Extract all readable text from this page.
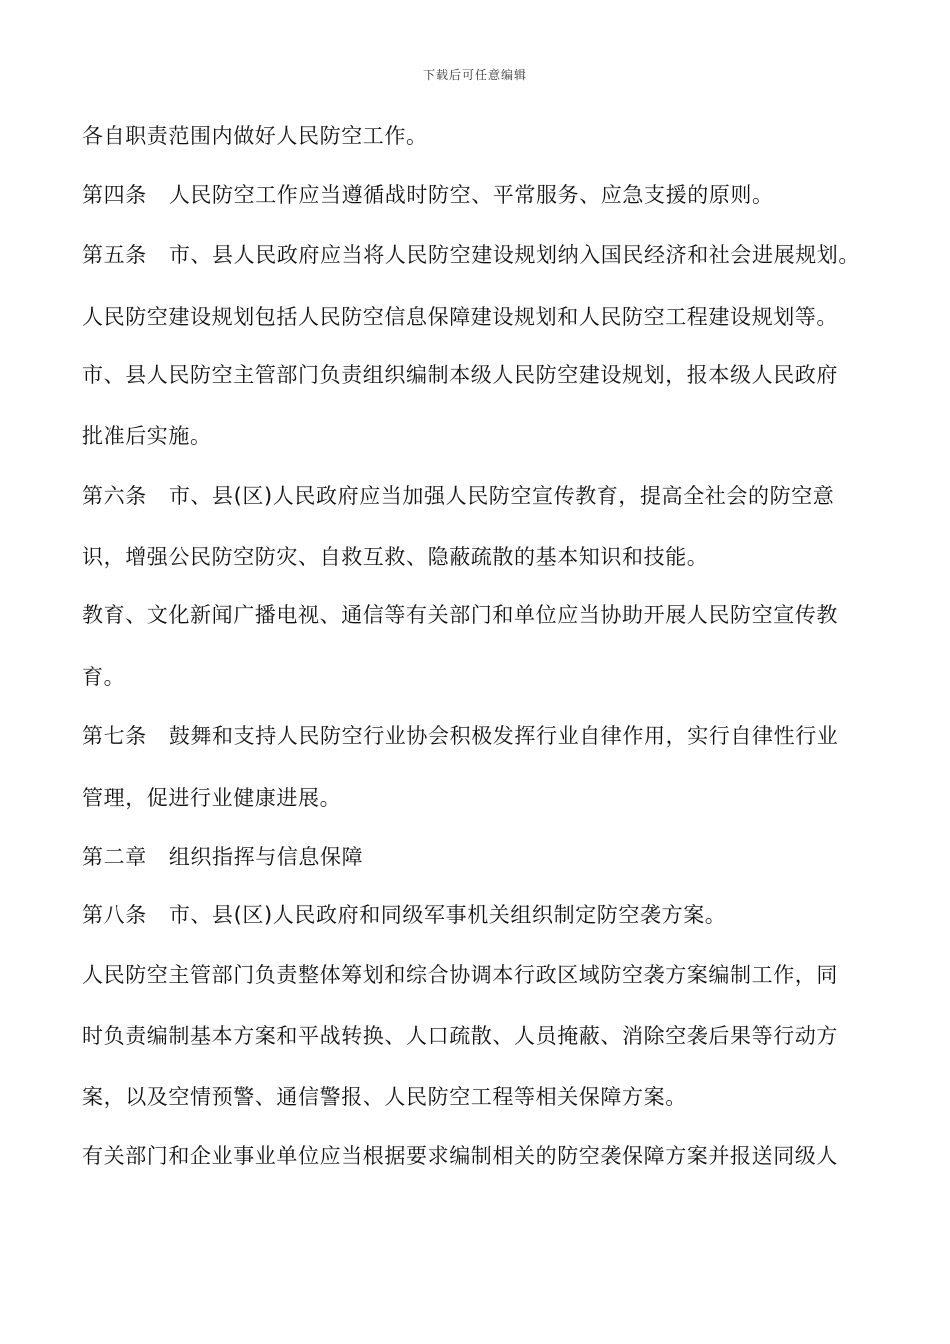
下载后可任意编辑
各自职责范围内做好人民防空工作。
第四条 人民防空工作应当遵循战时防空、平常服务、应急支援的原则。
第五条 市、县人民政府应当将人民防空建设规划纳入国民经济和社会进展规划。
人民防空建设规划包括人民防空信息保障建设规划和人民防空工程建设规划等。
市、县人民防空主管部门负责组织编制本级人民防空建设规划，报本级人民政府
批准后实施。
第六条 市、县(区)人民政府应当加强人民防空宣传教育，提高全社会的防空意
识，增强公民防空防灾、自救互救、隐蔽疏散的基本知识和技能。
教育、文化新闻广播电视、通信等有关部门和单位应当协助开展人民防空宣传教
育。
第七条 鼓舞和支持人民防空行业协会积极发挥行业自律作用，实行自律性行业
管理，促进行业健康进展。
第二章 组织指挥与信息保障
第八条 市、县(区)人民政府和同级军事机关组织制定防空袭方案。
人民防空主管部门负责整体筹划和综合协调本行政区域防空袭方案编制工作，同
时负责编制基本方案和平战转换、人口疏散、人员掩蔽、消除空袭后果等行动方
案，以及空情预警、通信警报、人民防空工程等相关保障方案。
有关部门和企业事业单位应当根据要求编制相关的防空袭保障方案并报送同级人
